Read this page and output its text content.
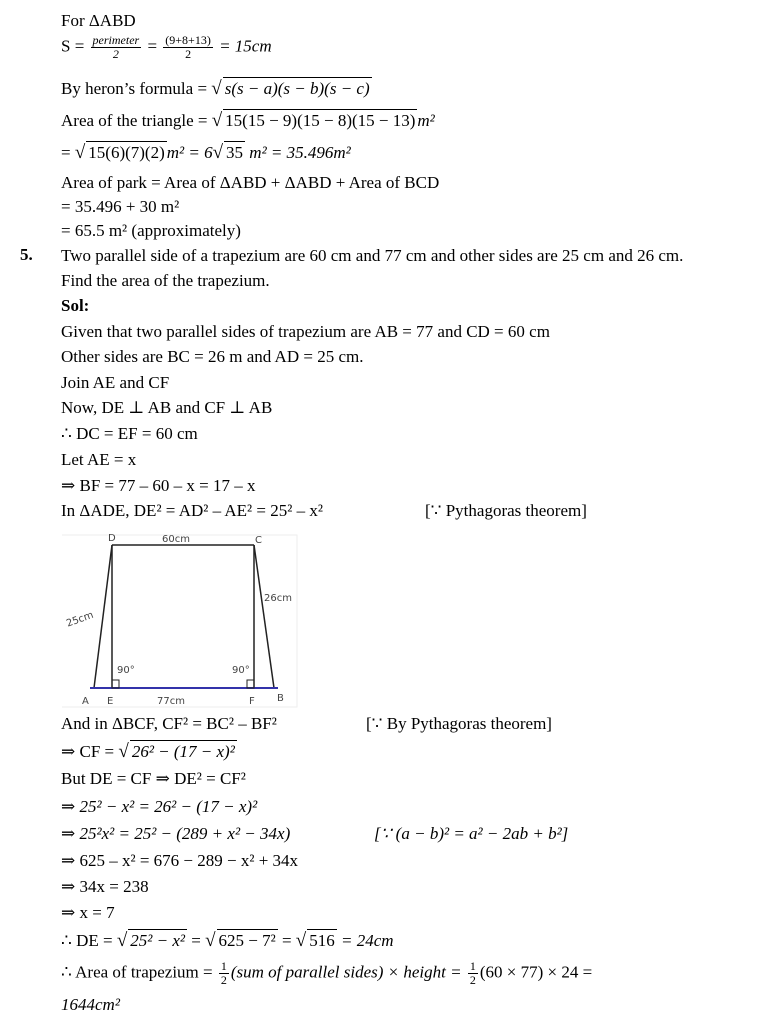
For ΔABD
$S = \frac{\text{perimeter}}{2} = \frac{(9+8+13)}{2} = 15cm$
By heron’s formula = √ s(s − a)(s − b)(s − c)
Area of the triangle = √ 15(15 − 9)(15 − 8)(15 − 13) m²
= √ 15(6)(7)(2) m² = 6√ 35 m² = 35.496m²
Area of park = Area of ΔABD + ΔABD + Area of BCD
= 35.496 + 30 m²
= 65.5 m² (approximately)
5. Two parallel side of a trapezium are 60 cm and 77 cm and other sides are 25 cm and 26 cm.
Find the area of the trapezium.
Sol:
Given that two parallel sides of trapezium are AB = 77 and CD = 60 cm
Other sides are BC = 26 m and AD = 25 cm.
Join AE and CF
Now, DE ⊥ AB and CF ⊥ AB
∴ DC = EF = 60 cm
Let AE = x
⇒ BF = 77 – 60 – x = 17 – x
In ΔADE, DE² = AD² – AE² = 25² – x²	[∵ Pythagoras theorem]
D	C
A E	F B
60cm
25cm
26cm
77cm
90°	90°
And in ΔBCF, CF² = BC² – BF²	[∵ By Pythagoras theorem]
⇒ CF = √ 26² − (17 − x)²
But DE = CF ⇒ DE² = CF²
⇒ 25² − x² = 26² − (17 − x)²
⇒ 25²x² = 25² − (289 + x² − 34x)	[∵ (a − b)² = a² − 2ab + b²]
⇒ 625 – x² = 676 − 289 − x² + 34x
⇒ 34x = 238
⇒ x = 7
∴ DE = √ 25² − x² = √ 625 − 7² = √ 516 = 24cm
∴ Area of trapezium = $\frac{1}{2} (sum$ of parallel sides) × height = $\frac{1}{2} (60 \times 77) \times 24$ =
1644cm²
